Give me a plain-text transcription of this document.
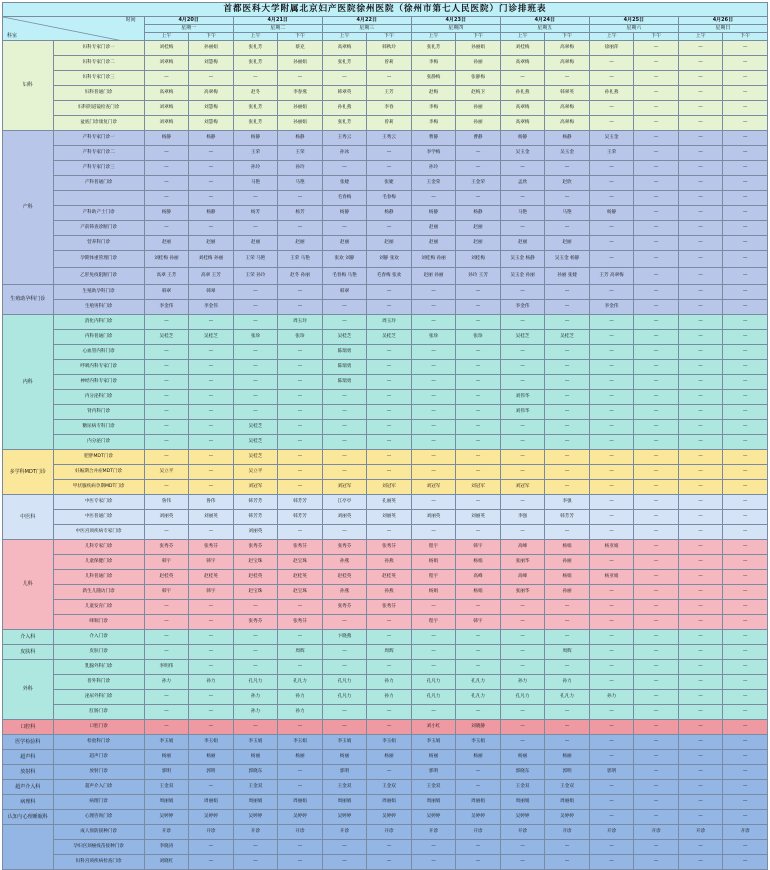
首都医科大学附属北京妇产医院徐州医院（徐州市第七人民医院）门诊排班表															

时间
科室		4月20日		4月21日		4月22日		4月23日		4月24日		4月25日		4月26日	
		星期一		星期二		星期三		星期四		星期五		星期六		星期日	
		上午	下午	上午	下午	上午	下午	上午	下午	上午	下午	上午	下午	上午	下午
妇科	妇科专家门诊一	刘桂梅	孙丽娟	张礼芳	蔡克	高翠梅	韩秋玲	张礼芳	孙丽娟	刘桂梅	高翠梅	徐丽萍	—	—	—
	妇科专家门诊二	刘翠梅	刘慧梅	张礼芳	孙丽娟	张礼芳	曾莉	李梅	孙丽	高翠梅	高翠梅	—	—	—	—
	妇科专家门诊三	—	—	—	—	—	—	张静梅	张静梅	—	—	—	—	—	—
	妇科普通门诊	高翠梅	高翠梅	赵冬	李春燕	韩翠英	王芳	赵梅	赵梅卫	孙礼燕	韩翠英	孙礼燕	—	—	—
	妇科阴道镜检查门诊	刘翠梅	刘慧梅	张礼芳	孙丽娟	孙礼燕	李春	李梅	孙丽	高翠梅	高翠梅	—	—	—	—
	盆底门诊康复门诊	刘翠梅	刘慧梅	张礼芳	孙丽娟	张礼芳	曾莉	李梅	孙丽	高翠梅	高翠梅	—	—	—	—
产科	产科专家门诊一	杨静	杨静	杨静	杨静	王秀云	王秀云	曹静	曹静	杨静	杨静	吴玉金	—	—	—
	产科专家门诊二	—	—	王荣	王荣	孙冰	—	李学梅	—	吴玉金	吴玉金	王荣	—	—	—
	产科专家门诊三	—	—	孙玲	孙玲	—	—	孙玲	—	—	—	—	—	—	—
	产科普通门诊	—	—	马艳	马艳	张婕	张婕	王金荣	王金荣	孟欣	赵欣	—	—	—	—
		—	—	—	—	毛春梅	毛春梅	—	—	—	—	—	—	—	—
	产科助产士门诊	杨静	杨静	杨芳	杨芳	杨静	杨静	杨静	杨静	马艳	马艳	杨静	—	—	—
	产前筛查诊断门诊	—	—	—	—	—	—	赵丽	赵丽	—	—	—	—	—	—
	营养科门诊	赵丽	赵丽	赵丽	赵丽	赵丽	赵丽	赵丽	赵丽	赵丽	赵丽	—	—	—	—
	孕期体重管理门诊	刘桂梅 孙丽	刘桂梅 孙丽	王荣 马艳	王荣 马艳	张欢 刘静	刘静 张欢	刘桂梅 孙丽	刘桂梅	吴玉金 杨静	吴玉金 杨静	—	—	—	—
	乙肝免疫阻断门诊	高翠 王芳	高翠 王芳	王荣 孙玲	赵冬 孙丽	毛春梅 马艳	毛春梅 张欢	赵丽 孙丽	孙玲 王芳	吴玉金 孙丽	孙丽 张婕	王芳 高翠梅	—	—	—
生殖助孕科门诊	生殖助孕科门诊	韩翠	韩翠	—	—	韩翠	—	—	—	—	—	—	—	—	—
	生殖男科门诊	李金伟	李金伟	—	—	—	—	—	—	李金伟	—	李金伟	—	—	—
内科	消化内科门诊	—	—	—	周玉玲	—	周玉玲	—	—	—	—	—	—	—	—
	内科普通门诊	吴桂芝	吴桂芝	张珍	张珍	吴桂芝	吴桂芝	张珍	张珍	吴桂芝	吴桂芝	—	—	—	—
	心血管内科门诊	—	—	—	—	陈瑞勇	—	—	—	—	—	—	—	—	—
	呼吸内科专家门诊	—	—	—	—	陈瑞勇	—	—	—	—	—	—	—	—	—
	神经内科专家门诊	—	—	—	—	陈瑞勇	—	—	—	—	—	—	—	—	—
	内分泌科门诊	—	—	—	—	—	—	—	—	刘伟华	—	—	—	—	—
	肾内科门诊	—	—	—	—	—	—	—	—	刘伟华	—	—	—	—	—
	糖尿病专科门诊	—	—	吴桂芝	—	—	—	—	—	—	—	—	—	—	—
	内分泌门诊	—	—	吴桂芝	—	—	—	—	—	—	—	—	—	—	—
多学科MDT门诊	肥胖MDT门诊	—	—	吴桂芝	—	—	—	—	—	—	—	—	—	—	—
	妊娠期合并症MDT门诊	吴立平	—	吴立平	—	—	—	—	—	—	—	—	—	—	—
	甲状腺疾病孕期MDT门诊	—	—	刘冠军	—	刘冠军	刘冠军	刘冠军	刘冠军	刘冠军	—	—	—	—	—
中医科	中医专家门诊	鲁伟	鲁伟	韩芳芳	韩芳芳	江亭亭	孔丽英	—	—	—	李强	—	—	—	—
	中医普通门诊	刘丽英	刘丽英	韩芳芳	韩芳芳	刘丽英	刘丽英	刘丽英	刘丽英	李强	韩芳芳	—	—	—	—
	中医宫颈疾病专家门诊	—	—	刘丽英	—	—	—	—	—	—	—	—	—	—	—
儿科	儿科专家门诊	张秀芬	张秀芬	张秀芬	张秀芬	张秀芬	张秀芬	程宇	韩宇	高峰	杨娟	杨亚娟	—	—	—
	儿童保健门诊	韩宇	韩宇	赵宝珠	赵宝珠	孙燕	孙燕	杨娟	杨娟	张丽华	孙丽	—	—	—	—
	儿科普通门诊	赵桂英	赵桂英	赵桂英	赵桂英	赵桂英	赵桂英	程宇	高峰	高峰	杨娟	杨亚娟	—	—	—
	新生儿随访门诊	韩宇	韩宇	赵宝珠	赵宝珠	孙燕	孙燕	杨娟	杨娟	张丽华	孙丽	—	—	—	—
	儿童发育门诊	—	—	—	—	张秀芬	张秀芬	—	—	—	—	—	—	—	—
	哮喘门诊	—	—	张秀芬	张秀芬	—	—	程宇	韩宇	—	—	—	—	—	—
介入科	介入门诊	—	—	—	—	卞晓燕	—	—	—	—	—	—	—	—	—
皮肤科	皮肤门诊	—	—	—	周辉	—	周辉	—	—	—	周辉	—	—	—	—
外科	乳腺外科门诊	李明伟	—	—	—	—	—	—	—	—	—	—	—	—	—
	普外科门诊	孙力	孙力	孔凡力	孔凡力	孔凡力	孙力	孔凡力	孔凡力	孙力	孙力	—	—	—	—
	泌尿外科门诊	—	—	孙力	孙力	孔凡力	孙力	孔凡力	孔凡力	孔凡力	孔凡力	孙力	—	—	—
	肛肠门诊	—	—	孙力	孙力	—	—	—	—	—	—	—	—	—	—
口腔科	口腔门诊	—	—	—	—	—	—	刘小红	刘晓静	—	—	—	—	—	—
医学检验科	检验科门诊	李玉娟	李玉娟	李玉娟	李玉娟	李玉娟	李玉娟	李玉娟	李玉娟	—	—	—	—	—	—
超声科	超声门诊	杨丽	杨丽	杨丽	杨丽	杨丽	杨丽	杨丽	杨丽	杨丽	杨丽	—	—	—	—
放射科	放射门诊	郭明	郭明	郭晓东	—	郭明	—	郭明	—	郭晓东	郭明	郭明	—	—	—
超声介入科	超声介入门诊	王金双	—	王金双	—	王金双	王金双	王金双	—	王金双	王金双	—	—	—	—
病理科	病理门诊	周丽娟	周丽娟	周丽娟	周丽娟	周丽娟	周丽娟	周丽娟	周丽娟	周丽娟	周丽娟	—	—	—	—
认知与心理睡眠科	心理咨询门诊	吴婷婷	吴婷婷	吴婷婷	吴婷婷	吴婷婷	吴婷婷	吴婷婷	吴婷婷	吴婷婷	吴婷婷	—	—	—	—
	成人预防接种门诊	开诊	开诊	开诊	开诊	开诊	开诊	开诊	开诊	开诊	开诊	开诊	开诊	开诊	开诊
	孕妇宫颈癌疫苗接种门诊	李晓涛	—	—	—	—	—	—	—	—	—	—	—	—	—
	妇科宫颈疾病检查门诊	刘晓红	—	—	—	—	—	—	—	—	—	—	—	—	—
